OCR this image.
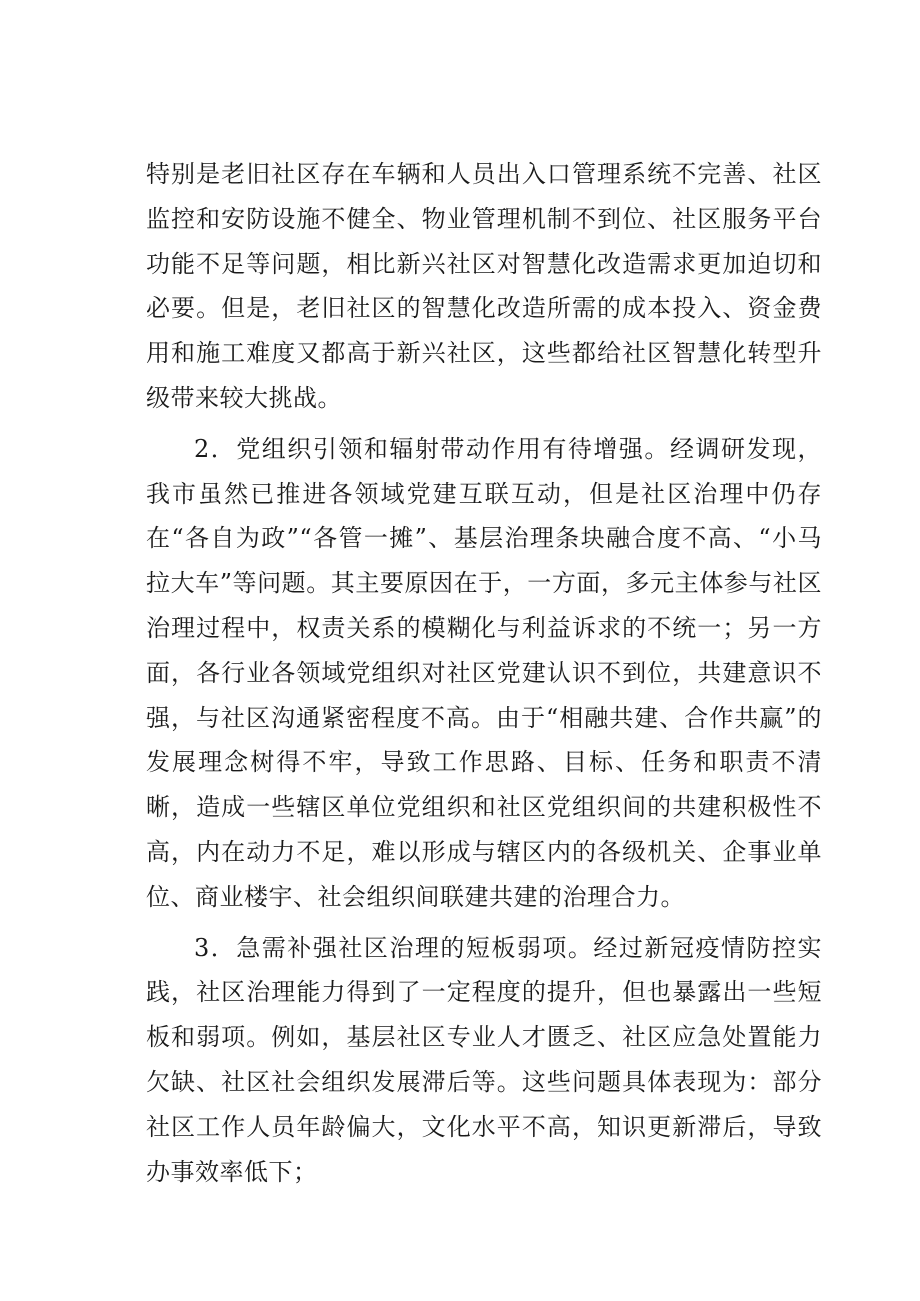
特别是老旧社区存在车辆和人员出入口管理系统不完善、社区监控和安防设施不健全、物业管理机制不到位、社区服务平台功能不足等问题，相比新兴社区对智慧化改造需求更加迫切和必要。但是，老旧社区的智慧化改造所需的成本投入、资金费用和施工难度又都高于新兴社区，这些都给社区智慧化转型升级带来较大挑战。

2．党组织引领和辐射带动作用有待增强。经调研发现，我市虽然已推进各领域党建互联互动，但是社区治理中仍存在“各自为政”“各管一摊”、基层治理条块融合度不高、“小马拉大车”等问题。其主要原因在于，一方面，多元主体参与社区治理过程中，权责关系的模糊化与利益诉求的不统一；另一方面，各行业各领域党组织对社区党建认识不到位，共建意识不强，与社区沟通紧密程度不高。由于“相融共建、合作共赢”的发展理念树得不牢，导致工作思路、目标、任务和职责不清晰，造成一些辖区单位党组织和社区党组织间的共建积极性不高，内在动力不足，难以形成与辖区内的各级机关、企事业单位、商业楼宇、社会组织间联建共建的治理合力。

3．急需补强社区治理的短板弱项。经过新冠疫情防控实践，社区治理能力得到了一定程度的提升，但也暴露出一些短板和弱项。例如，基层社区专业人才匮乏、社区应急处置能力欠缺、社区社会组织发展滞后等。这些问题具体表现为：部分社区工作人员年龄偏大，文化水平不高，知识更新滞后，导致办事效率低下；
